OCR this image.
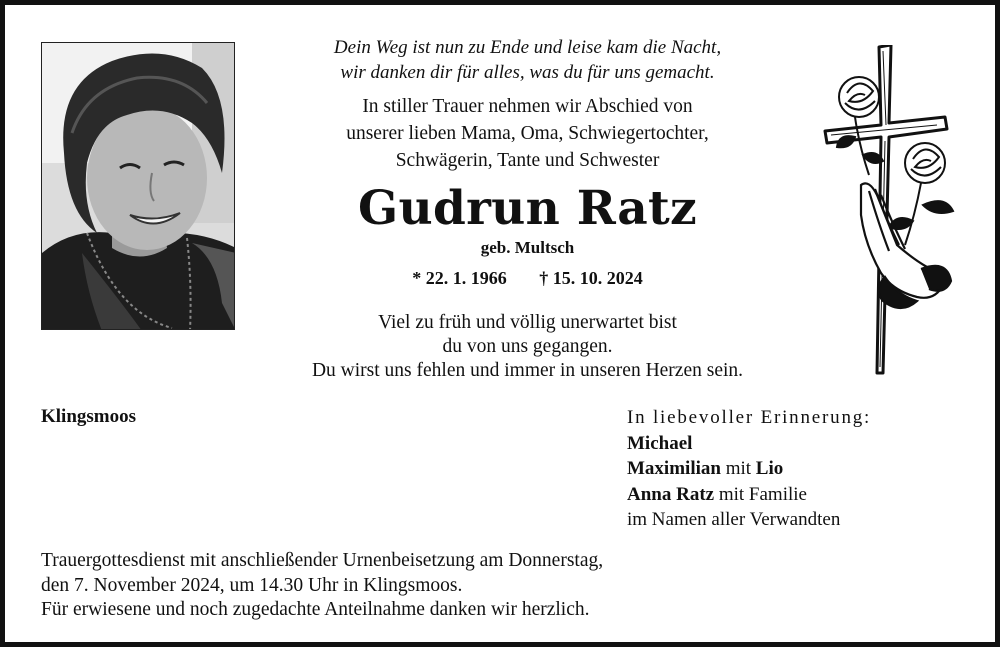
Dein Weg ist nun zu Ende und leise kam die Nacht,
wir danken dir für alles, was du für uns gemacht.
In stiller Trauer nehmen wir Abschied von
unserer lieben Mama, Oma, Schwiegertochter,
Schwägerin, Tante und Schwester
Gudrun Ratz
geb. Multsch
* 22. 1. 1966 † 15. 10. 2024
Viel zu früh und völlig unerwartet bist
du von uns gegangen.
Du wirst uns fehlen und immer in unseren Herzen sein.
Klingsmoos	In liebevoller Erinnerung:
Michael
Maximilian mit Lio
Anna Ratz mit Familie
im Namen aller Verwandten
Trauergottesdienst mit anschließender Urnenbeisetzung am Donnerstag,
den 7. November 2024, um 14.30 Uhr in Klingsmoos.
Für erwiesene und noch zugedachte Anteilnahme danken wir herzlich.
